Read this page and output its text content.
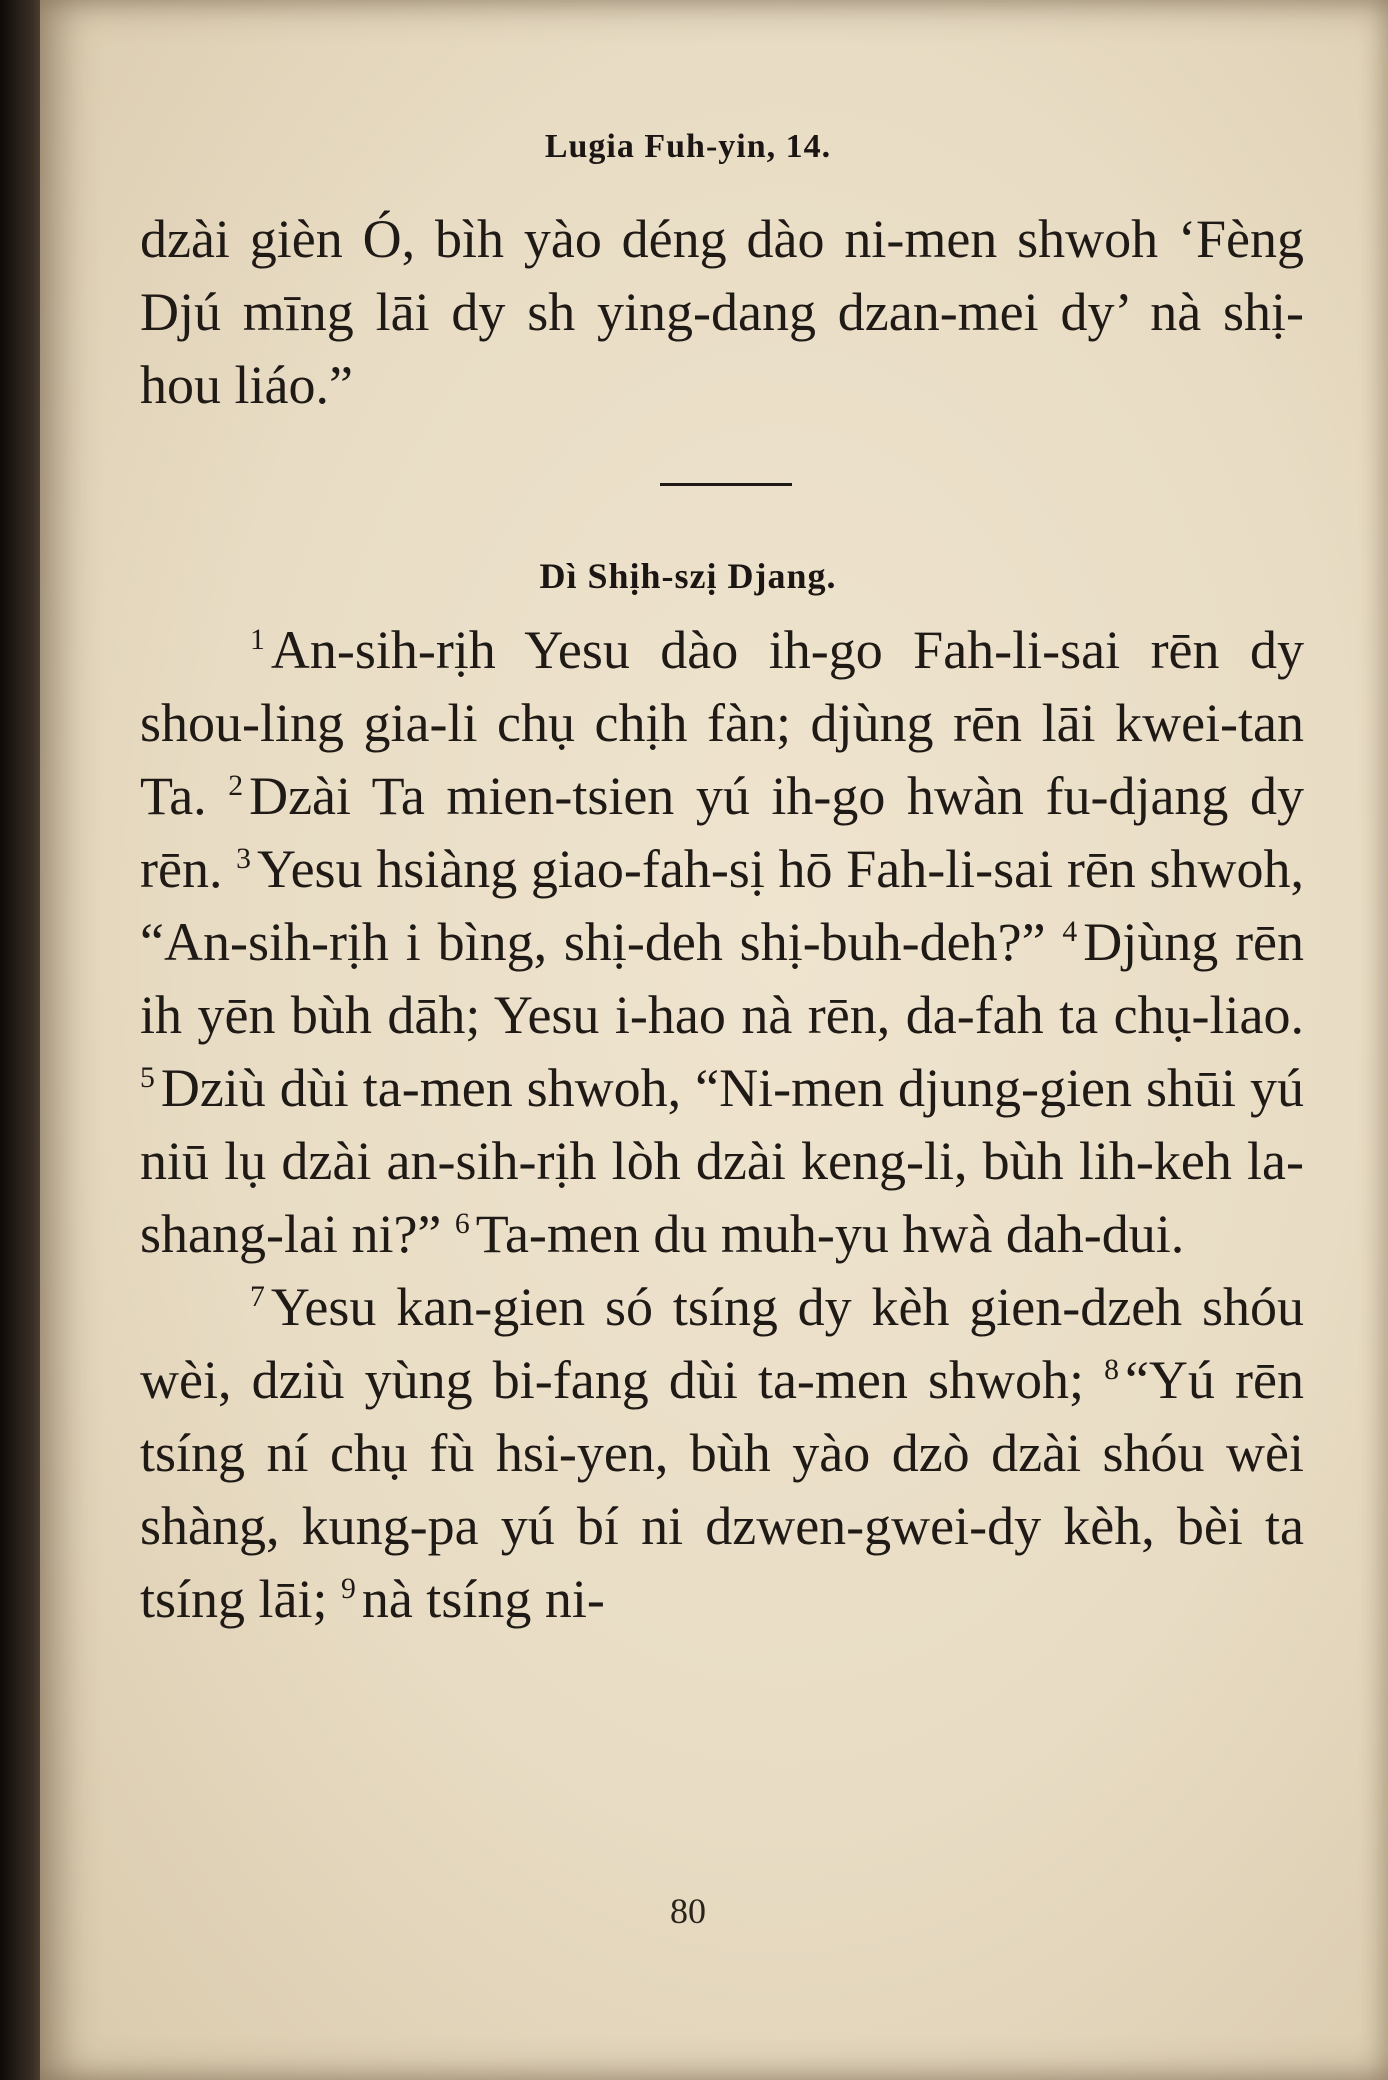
Lugia Fuh-yin, 14.

dzài gièn Ó, bìh yào déng dào ni-men shwoh ‘Fèng Djú mīng lāi dy sh ying-dang dzan-mei dy’ nà shị-hou liáo.”

Dì Shịh-szị Djang.

$^1$ An-sih-rịh Yesu dào ih-go Fah-li-sai rēn dy shou-ling gia-li chụ chịh fàn; djùng rēn lāi kwei-tan Ta. $^2$ Dzài Ta mien-tsien yú ih-go hwàn fu-djang dy rēn. $^3$ Yesu hsiàng giao-fah-sị hō Fah-li-sai rēn shwoh, “An-sih-rịh i bìng, shị-deh shị-buh-deh?” $^4$ Djùng rēn ih yēn bùh dāh; Yesu i-hao nà rēn, da-fah ta chụ-liao. $^5$ Dziù dùi ta-men shwoh, “Ni-men djung-gien shūi yú niū lụ dzài an-sih-rịh lòh dzài keng-li, bùh lih-keh la-shang-lai ni?” $^6$ Ta-men du muh-yu hwà dah-dui.

$^7$ Yesu kan-gien só tsíng dy kèh gien-dzeh shóu wèi, dziù yùng bi-fang dùi ta-men shwoh; $^8$ “Yú rēn tsíng ní chụ fù hsi-yen, bùh yào dzò dzài shóu wèi shàng, kung-pa yú bí ni dzwen-gwei-dy kèh, bèi ta tsíng lāi; $^9$ nà tsíng ni-

80
